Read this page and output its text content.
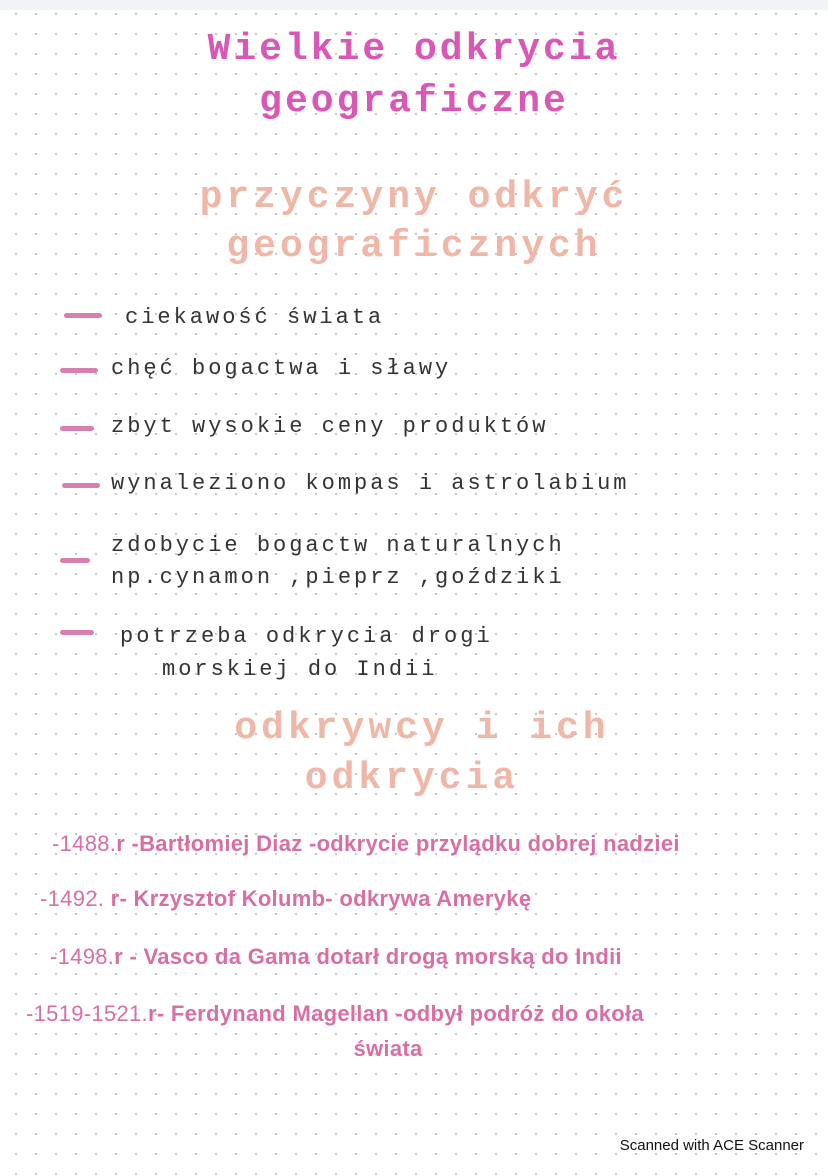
Wielkie odkrycia
geograficzne
przyczyny odkryć
geograficznych
ciekawość świata
chęć bogactwa i sławy
zbyt wysokie ceny produktów
wynaleziono kompas i astrolabium
zdobycie bogactw naturalnych
np.cynamon ,pieprz ,goździki
potrzeba odkrycia drogi
morskiej do Indii
odkrywcy i ich
odkrycia
-1488.r -Bartłomiej Diaz -odkrycie przylądku dobrej nadziei
-1492. r- Krzysztof Kolumb- odkrywa Amerykę
-1498.r - Vasco da Gama dotarł drogą morską do Indii
-1519-1521.r- Ferdynand Magellan -odbył podróż do okoła
świata
Scanned with ACE Scanner
